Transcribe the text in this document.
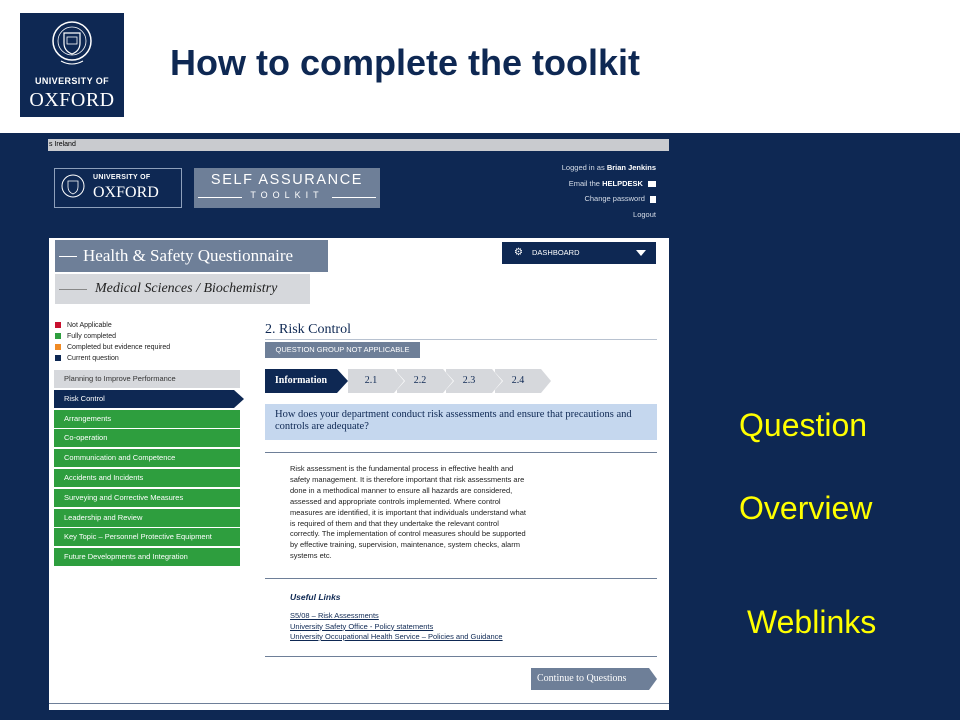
UNIVERSITY OF
OXFORD
How to complete the toolkit
s Ireland
UNIVERSITY OF
OXFORD
SELF ASSURANCE
TOOLKIT
Logged in as Brian Jenkins
Email the HELPDESK
Change password
Logout
Health & Safety Questionnaire
Medical Sciences / Biochemistry
⚙ DASHBOARD
Not Applicable
Fully completed
Completed but evidence required
Current question
Planning to Improve Performance
Risk Control
Arrangements
Co-operation
Communication and Competence
Accidents and Incidents
Surveying and Corrective Measures
Leadership and Review
Key Topic – Personnel Protective Equipment
Future Developments and Integration
2. Risk Control
QUESTION GROUP NOT APPLICABLE
Information	2.1	2.2	2.3	2.4
How does your department conduct risk assessments and ensure that precautions and controls are adequate?
Risk assessment is the fundamental process in effective health and
safety management. It is therefore important that risk assessments are
done in a methodical manner to ensure all hazards are considered,
assessed and appropriate controls implemented. Where control
measures are identified, it is important that individuals understand what
is required of them and that they undertake the relevant control
correctly. The implementation of control measures should be supported
by effective training, supervision, maintenance, system checks, alarm
systems etc.
Useful Links
S5/08 – Risk Assessments
University Safety Office - Policy statements
University Occupational Health Service – Policies and Guidance
Continue to Questions
Question
Overview
Weblinks
